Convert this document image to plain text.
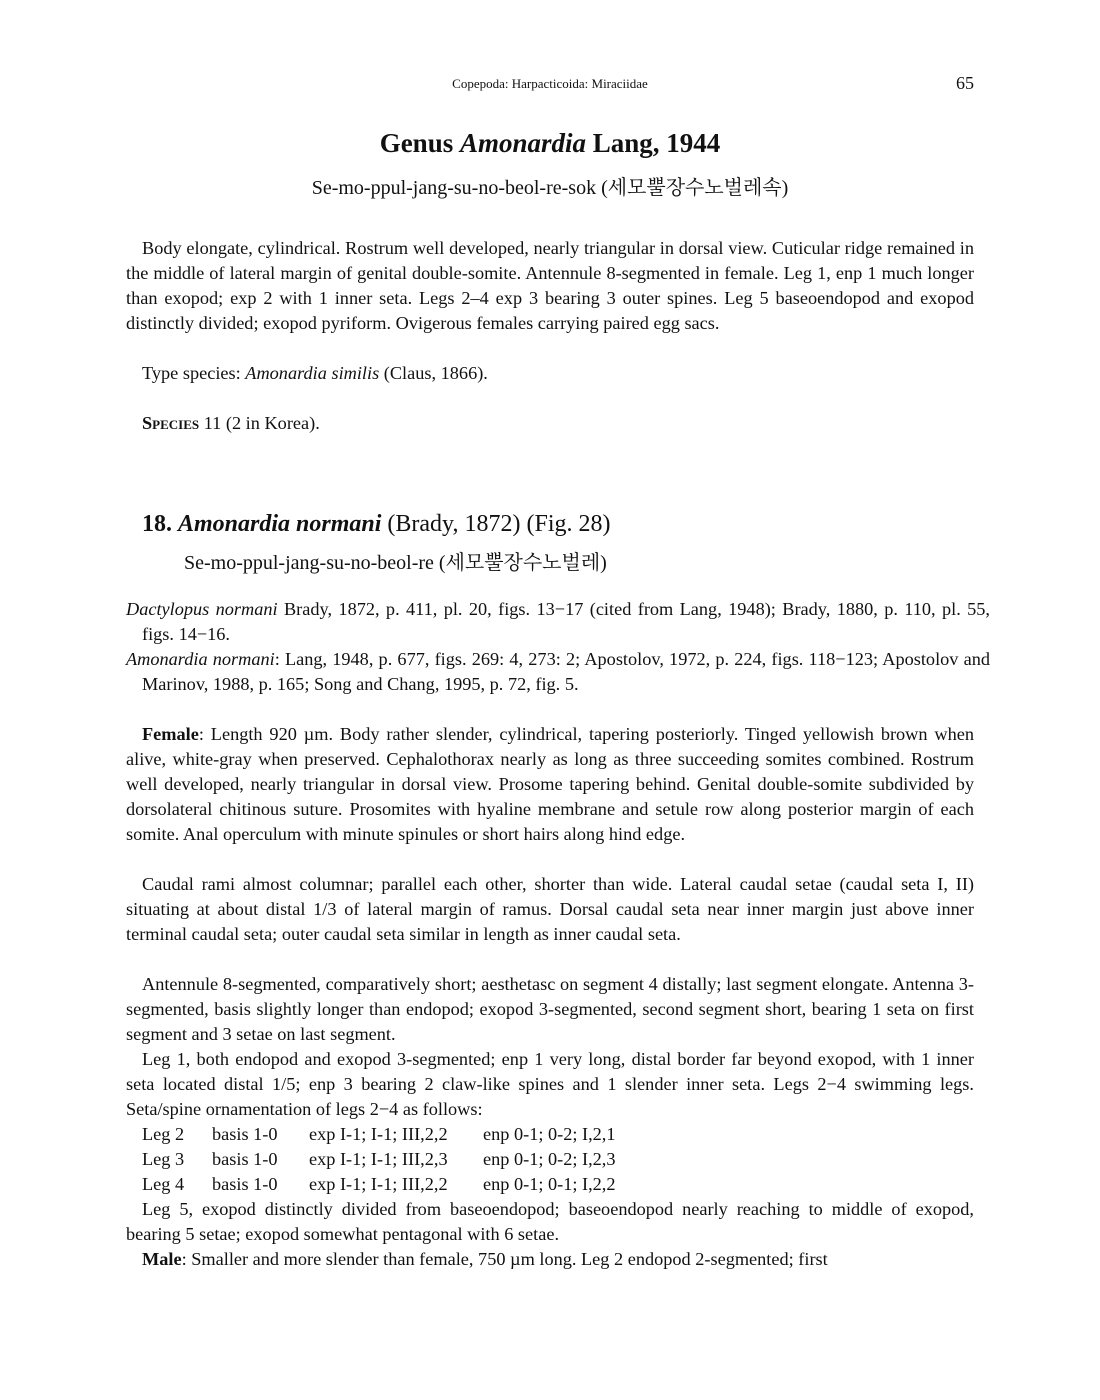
Copepoda: Harpacticoida: Miraciidae	65
Genus Amonardia Lang, 1944
Se-mo-ppul-jang-su-no-beol-re-sok (세모뿔장수노벌레속)

Body elongate, cylindrical. Rostrum well developed, nearly triangular in dorsal view. Cuticular ridge remained in the middle of lateral margin of genital double-somite. Antennule 8-segmented in female. Leg 1, enp 1 much longer than exopod; exp 2 with 1 inner seta. Legs 2–4 exp 3 bearing 3 outer spines. Leg 5 baseoendopod and exopod distinctly divided; exopod pyriform. Ovigerous females carrying paired egg sacs.

Type species: Amonardia similis (Claus, 1866).

Species 11 (2 in Korea).

18. Amonardia normani (Brady, 1872) (Fig. 28)
Se-mo-ppul-jang-su-no-beol-re (세모뿔장수노벌레)

Dactylopus normani Brady, 1872, p. 411, pl. 20, figs. 13−17 (cited from Lang, 1948); Brady, 1880, p. 110, pl. 55, figs. 14−16.

Amonardia normani: Lang, 1948, p. 677, figs. 269: 4, 273: 2; Apostolov, 1972, p. 224, figs. 118−123; Apostolov and Marinov, 1988, p. 165; Song and Chang, 1995, p. 72, fig. 5.

Female: Length 920 µm. Body rather slender, cylindrical, tapering posteriorly. Tinged yellowish brown when alive, white-gray when preserved. Cephalothorax nearly as long as three succeeding somites combined. Rostrum well developed, nearly triangular in dorsal view. Prosome tapering behind. Genital double-somite subdivided by dorsolateral chitinous suture. Prosomites with hyaline membrane and setule row along posterior margin of each somite. Anal operculum with minute spinules or short hairs along hind edge.

Caudal rami almost columnar; parallel each other, shorter than wide. Lateral caudal setae (caudal seta I, II) situating at about distal 1/3 of lateral margin of ramus. Dorsal caudal seta near inner margin just above inner terminal caudal seta; outer caudal seta similar in length as inner caudal seta.

Antennule 8-segmented, comparatively short; aesthetasc on segment 4 distally; last segment elongate. Antenna 3-segmented, basis slightly longer than endopod; exopod 3-segmented, second segment short, bearing 1 seta on first segment and 3 setae on last segment.

Leg 1, both endopod and exopod 3-segmented; enp 1 very long, distal border far beyond exopod, with 1 inner seta located distal 1/5; enp 3 bearing 2 claw-like spines and 1 slender inner seta. Legs 2−4 swimming legs. Seta/spine ornamentation of legs 2−4 as follows:

Leg 2 basis 1-0 exp I-1; I-1; III,2,2 enp 0-1; 0-2; I,2,1
Leg 3 basis 1-0 exp I-1; I-1; III,2,3 enp 0-1; 0-2; I,2,3
Leg 4 basis 1-0 exp I-1; I-1; III,2,2 enp 0-1; 0-1; I,2,2

Leg 5, exopod distinctly divided from baseoendopod; baseoendopod nearly reaching to middle of exopod, bearing 5 setae; exopod somewhat pentagonal with 6 setae.

Male: Smaller and more slender than female, 750 µm long. Leg 2 endopod 2-segmented; first
